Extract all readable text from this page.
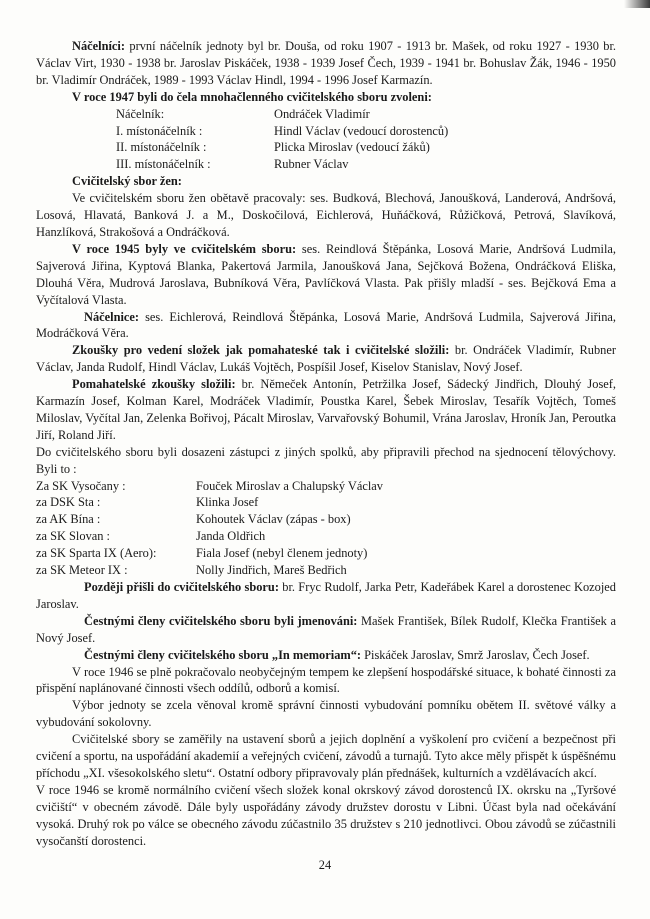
Náčelníci: první náčelník jednoty byl br. Douša, od roku 1907 - 1913 br. Mašek, od roku 1927 - 1930 br. Václav Virt, 1930 - 1938 br. Jaroslav Piskáček, 1938 - 1939 Josef Čech, 1939 - 1941 br. Bohuslav Žák, 1946 - 1950 br. Vladimír Ondráček, 1989 - 1993 Václav Hindl, 1994 - 1996 Josef Karmazín.

V roce 1947 byli do čela mnohačlenného cvičitelského sboru zvoleni:

Náčelník:	Ondráček Vladimír
I. místonáčelník :	Hindl Václav (vedoucí dorostenců)
II. místonáčelník :	Plicka Miroslav (vedoucí žáků)
III. místonáčelník :	Rubner Václav

Cvičitelský sbor žen:

Ve cvičitelském sboru žen obětavě pracovaly: ses. Budková, Blechová, Janoušková, Landerová, Andršová, Losová, Hlavatá, Banková J. a M., Doskočilová, Eichlerová, Huňáčková, Růžičková, Petrová, Slavíková, Hanzlíková, Strakošová a Ondráčková.

V roce 1945 byly ve cvičitelském sboru: ses. Reindlová Štěpánka, Losová Marie, Andršová Ludmila, Sajverová Jiřina, Kyptová Blanka, Pakertová Jarmila, Janoušková Jana, Sejčková Božena, Ondráčková Eliška, Dlouhá Věra, Mudrová Jaroslava, Bubníková Věra, Pavlíčková Vlasta. Pak přišly mladší - ses. Bejčková Ema a Vyčítalová Vlasta.

Náčelnice: ses. Eichlerová, Reindlová Štěpánka, Losová Marie, Andršová Ludmila, Sajverová Jiřina, Modráčková Věra.

Zkoušky pro vedení složek jak pomahateské tak i cvičitelské složili: br. Ondráček Vladimír, Rubner Václav, Janda Rudolf, Hindl Václav, Lukáš Vojtěch, Pospíšil Josef, Kiselov Stanislav, Nový Josef.

Pomahatelské zkoušky složili: br. Němeček Antonín, Petržilka Josef, Sádecký Jindřich, Dlouhý Josef, Karmazín Josef, Kolman Karel, Modráček Vladimír, Poustka Karel, Šebek Miroslav, Tesařík Vojtěch, Tomeš Miloslav, Vyčítal Jan, Zelenka Bořivoj, Pácalt Miroslav, Varvařovský Bohumil, Vrána Jaroslav, Hroník Jan, Peroutka Jiří, Roland Jiří.

Do cvičitelského sboru byli dosazeni zástupci z jiných spolků, aby připravili přechod na sjednocení tělovýchovy. Byli to :

Za SK Vysočany :	Fouček Miroslav a Chalupský Václav
za DSK Sta :	Klinka Josef
za AK Bína :	Kohoutek Václav (zápas - box)
za SK Slovan :	Janda Oldřich
za SK Sparta IX (Aero):	Fiala Josef (nebyl členem jednoty)
za SK Meteor IX :	Nolly Jindřich, Mareš Bedřich

Později přišli do cvičitelského sboru: br. Fryc Rudolf, Jarka Petr, Kadeřábek Karel a dorostenec Kozojed Jaroslav.

Čestnými členy cvičitelského sboru byli jmenováni: Mašek František, Bílek Rudolf, Klečka František a Nový Josef.

Čestnými členy cvičitelského sboru „In memoriam“: Piskáček Jaroslav, Smrž Jaroslav, Čech Josef.

V roce 1946 se plně pokračovalo neobyčejným tempem ke zlepšení hospodářské situace, k bohaté činnosti za přispění naplánované činnosti všech oddílů, odborů a komisí.

Výbor jednoty se zcela věnoval kromě správní činnosti vybudování pomníku obětem II. světové války a vybudování sokolovny.

Cvičitelské sbory se zaměřily na ustavení sborů a jejich doplnění a vyškolení pro cvičení a bezpečnost při cvičení a sportu, na uspořádání akademií a veřejných cvičení, závodů a turnajů. Tyto akce měly přispět k úspěšnému příchodu „XI. všesokolského sletu“. Ostatní odbory připravovaly plán přednášek, kulturních a vzdělávacích akcí.

V roce 1946 se kromě normálního cvičení všech složek konal okrskový závod dorostenců IX. okrsku na „Tyršové cvičiští“ v obecném závodě. Dále byly uspořádány závody družstev dorostu v Libni. Účast byla nad očekávání vysoká. Druhý rok po válce se obecného závodu zúčastnilo 35 družstev s 210 jednotlivci. Obou závodů se zúčastnili vysočanští dorostenci.

24
